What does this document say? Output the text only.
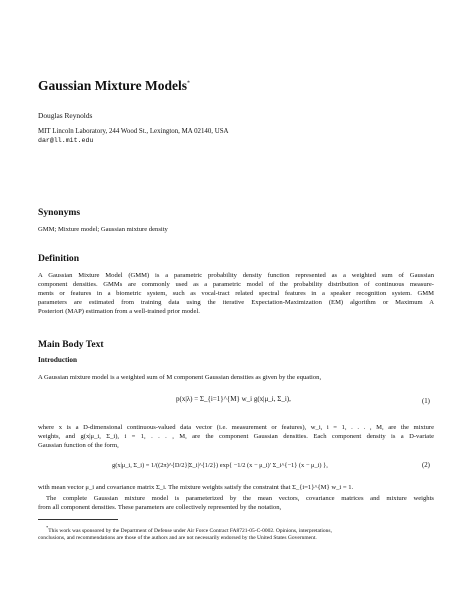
Gaussian Mixture Models*
Douglas Reynolds
MIT Lincoln Laboratory, 244 Wood St., Lexington, MA 02140, USA
dar@ll.mit.edu
Synonyms
GMM; Mixture model; Gaussian mixture density
Definition
A Gaussian Mixture Model (GMM) is a parametric probability density function represented as a weighted sum of Gaussian
component densities. GMMs are commonly used as a parametric model of the probability distribution of continuous measure-
ments or features in a biometric system, such as vocal-tract related spectral features in a speaker recognition system. GMM
parameters are estimated from training data using the iterative Expectation-Maximization (EM) algorithm or Maximum A
Posteriori (MAP) estimation from a well-trained prior model.
Main Body Text
Introduction
A Gaussian mixture model is a weighted sum of M component Gaussian densities as given by the equation,
p(x|λ) = Σ_{i=1}^{M} w_i g(x|μ_i, Σ_i),	(1)
where x is a D-dimensional continuous-valued data vector (i.e. measurement or features), w_i, i = 1, . . . , M, are the mixture
weights, and g(x|μ_i, Σ_i), i = 1, . . . , M, are the component Gaussian densities. Each component density is a D-variate
Gaussian function of the form,
g(x|μ_i, Σ_i) = 1/((2π)^{D/2}|Σ_i|^{1/2}) exp{ −1/2 (x − μ_i)′ Σ_i^{−1} (x − μ_i) },	(2)
with mean vector μ_i and covariance matrix Σ_i. The mixture weights satisfy the constraint that Σ_{i=1}^{M} w_i = 1.
The complete Gaussian mixture model is parameterized by the mean vectors, covariance matrices and mixture weights
from all component densities. These parameters are collectively represented by the notation,
*This work was sponsored by the Department of Defense under Air Force Contract FA8721-05-C-0002. Opinions, interpretations,
conclusions, and recommendations are those of the authors and are not necessarily endorsed by the United States Government.
